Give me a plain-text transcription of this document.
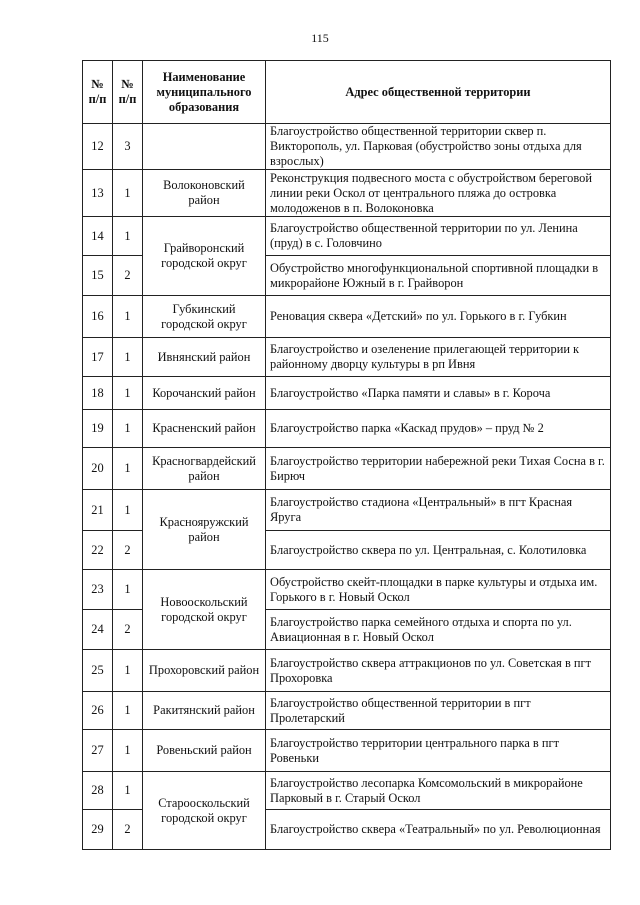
115
№ п/п	№ п/п	Наименование муниципального образования	Адрес общественной территории
12	3		Благоустройство общественной территории сквер п. Викторополь, ул. Парковая (обустройство зоны отдыха для взрослых)
13	1	Волоконовский район	Реконструкция подвесного моста с обустройством береговой линии реки Оскол от центрального пляжа до островка молодоженов в п. Волоконовка
14	1	Грайворонский городской округ	Благоустройство общественной территории по ул. Ленина (пруд) в с. Головчино
15	2		Обустройство многофункциональной спортивной площадки в микрорайоне Южный в г. Грайворон
16	1	Губкинский городской округ	Реновация сквера «Детский» по ул. Горького в г. Губкин
17	1	Ивнянский район	Благоустройство и озеленение прилегающей территории к районному дворцу культуры в рп Ивня
18	1	Корочанский район	Благоустройство «Парка памяти и славы» в г. Короча
19	1	Красненский район	Благоустройство парка «Каскад прудов» – пруд № 2
20	1	Красногвардейский район	Благоустройство территории набережной реки Тихая Сосна в г. Бирюч
21	1	Краснояружский район	Благоустройство стадиона «Центральный» в пгт Красная Яруга
22	2		Благоустройство сквера по ул. Центральная, с. Колотиловка
23	1	Новооскольский городской округ	Обустройство скейт-площадки в парке культуры и отдыха им. Горького в г. Новый Оскол
24	2		Благоустройство парка семейного отдыха и спорта по ул. Авиационная в г. Новый Оскол
25	1	Прохоровский район	Благоустройство сквера аттракционов по ул. Советская в пгт Прохоровка
26	1	Ракитянский район	Благоустройство общественной территории в пгт Пролетарский
27	1	Ровеньский район	Благоустройство территории центрального парка в пгт Ровеньки
28	1	Старооскольский городской округ	Благоустройство лесопарка Комсомольский в микрорайоне Парковый в г. Старый Оскол
29	2		Благоустройство сквера «Театральный» по ул. Революционная
